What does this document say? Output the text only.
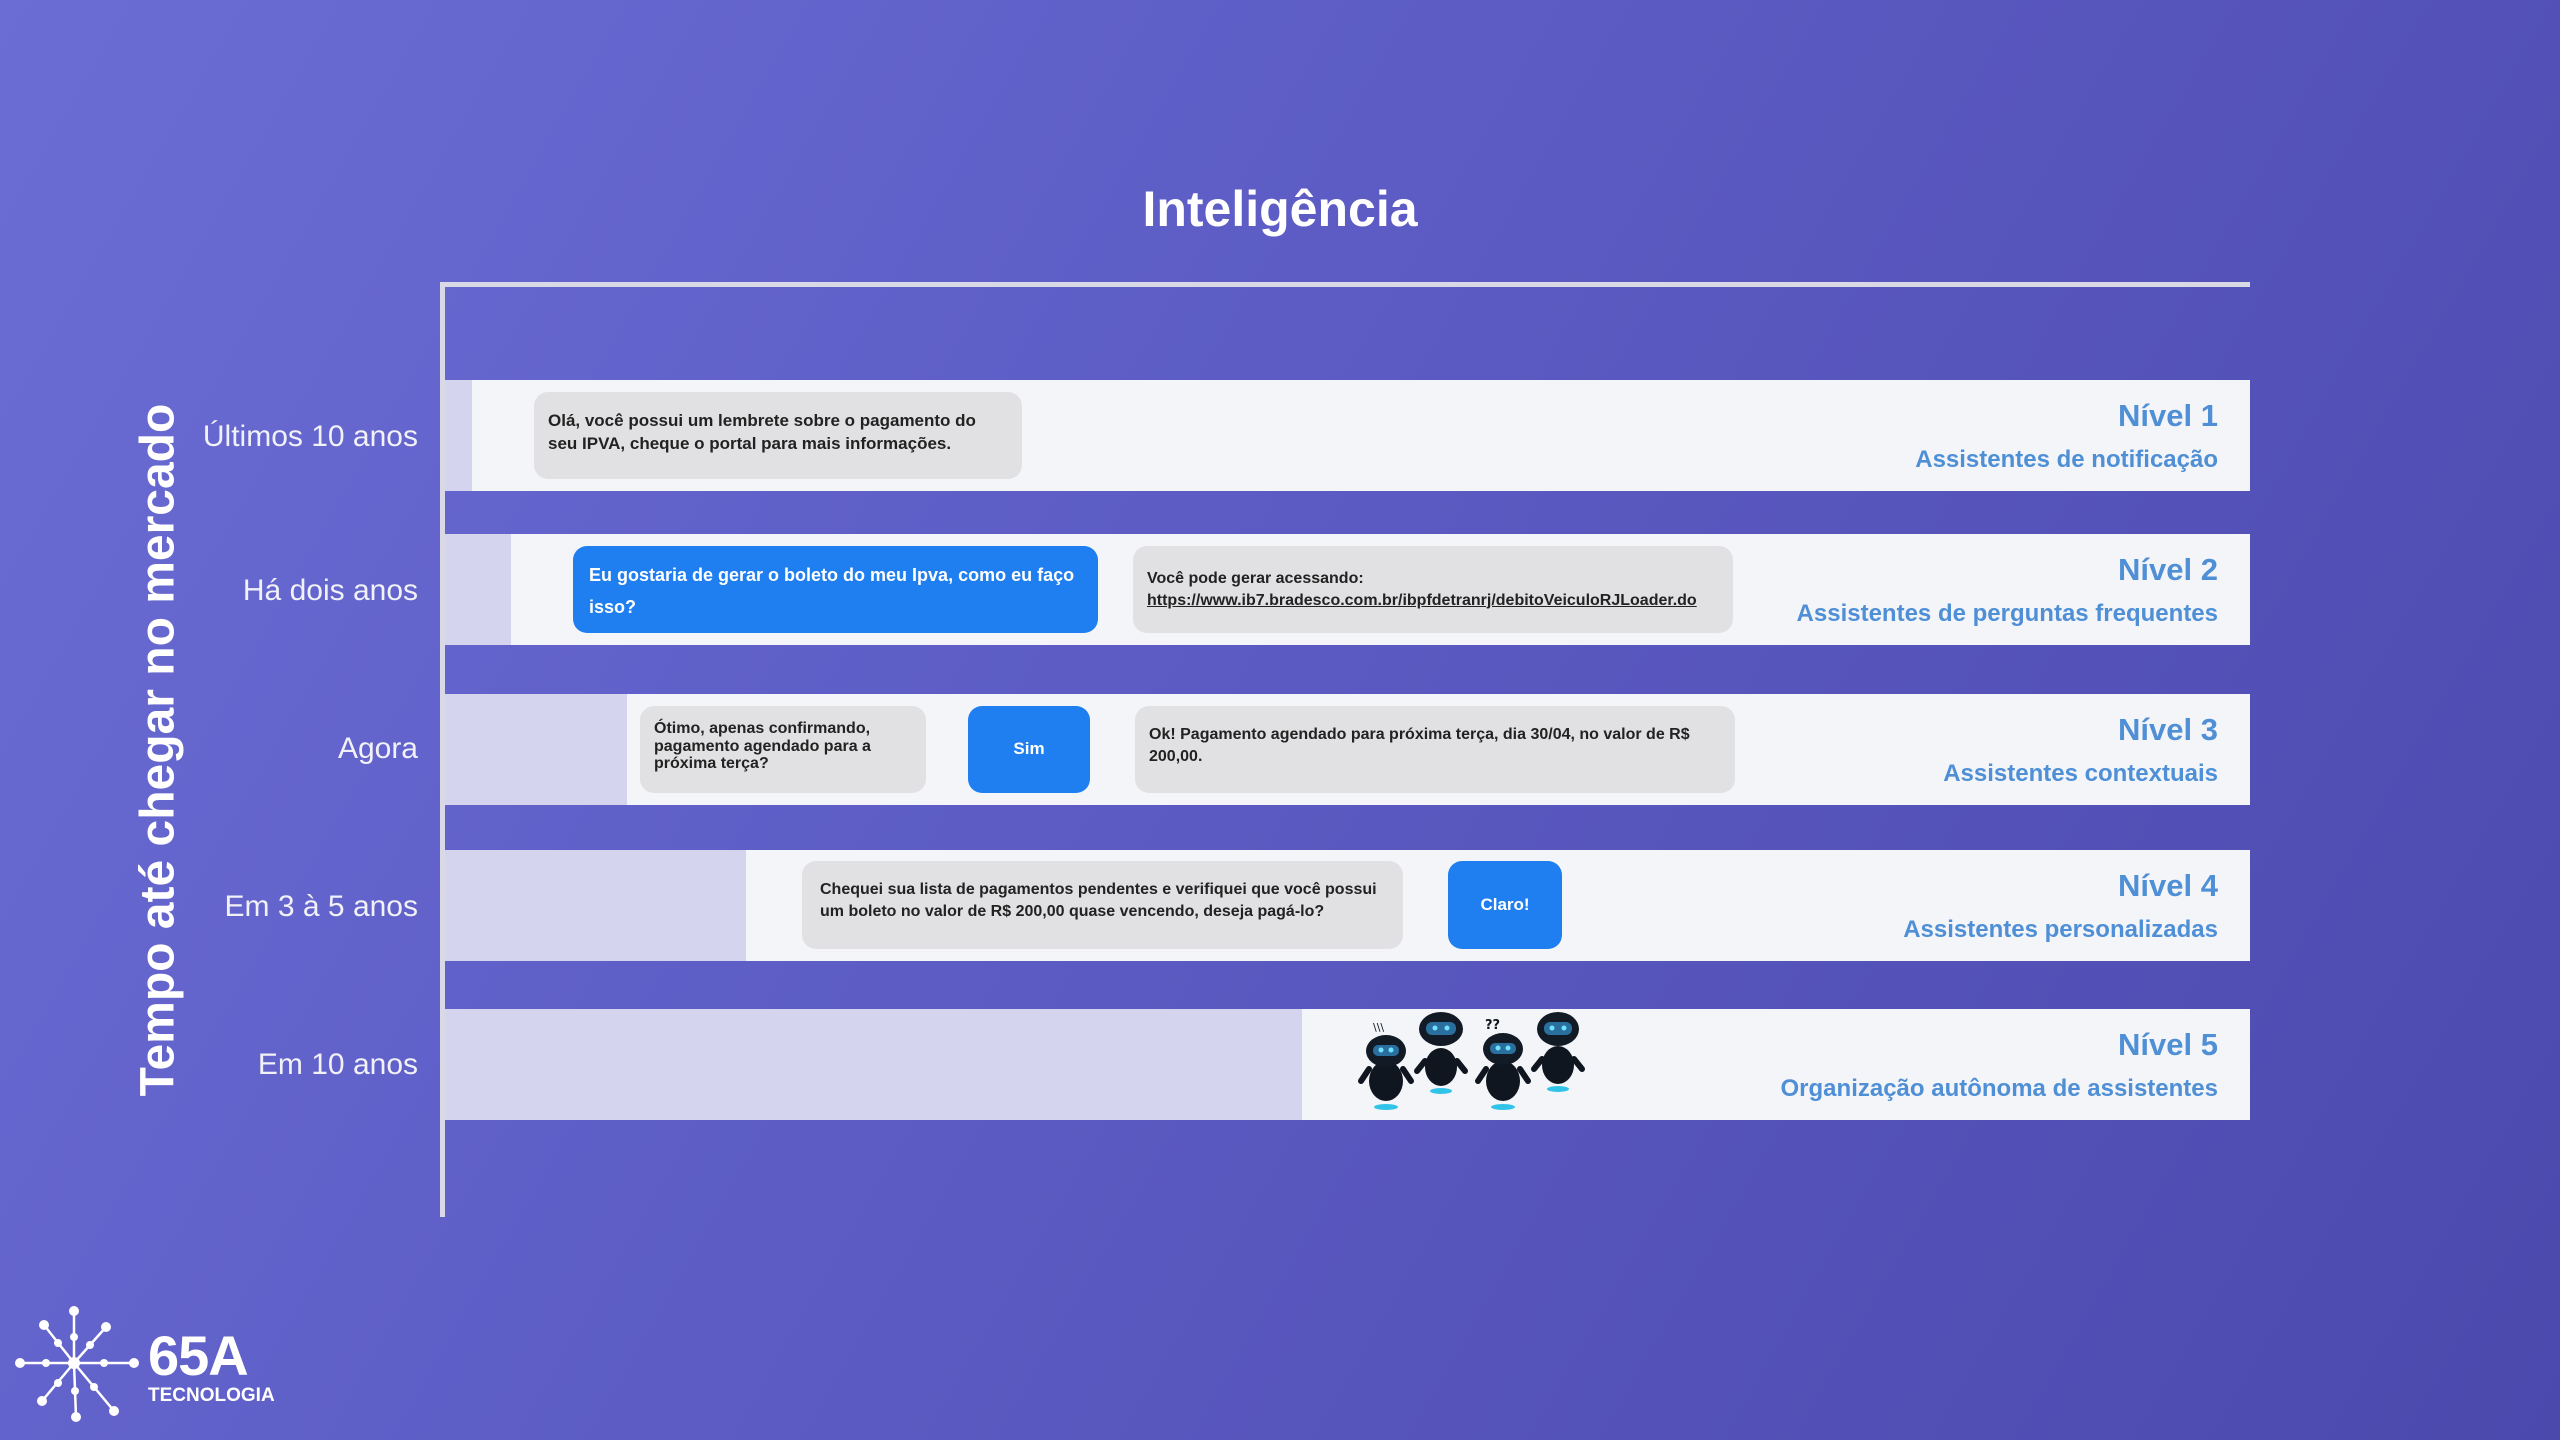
Inteligência
Tempo até chegar no mercado Últimos 10 anos
Há dois anos
Agora
Em 3 à 5 anos
Em 10 anos
Olá, você possui um lembrete sobre o pagamento do seu IPVA, cheque o portal para mais informações.
Nível 1
Assistentes de notificação
Eu gostaria de gerar o boleto do meu Ipva, como eu faço isso?
Você pode gerar acessando:
https://www.ib7.bradesco.com.br/ibpfdetranrj/debitoVeiculoRJLoader.do
Nível 2
Assistentes de perguntas frequentes
Ótimo, apenas confirmando, pagamento agendado para a próxima terça?
Sim
Ok! Pagamento agendado para próxima terça, dia 30/04, no valor de R$ 200,00.
Nível 3
Assistentes contextuais
Chequei sua lista de pagamentos pendentes e verifiquei que você possui um boleto no valor de R$ 200,00 quase vencendo, deseja pagá-lo?	Claro!
Nível 4
Assistentes personalizadas
\\\	??
Nível 5
Organização autônoma de assistentes
65A
TECNOLOGIA
